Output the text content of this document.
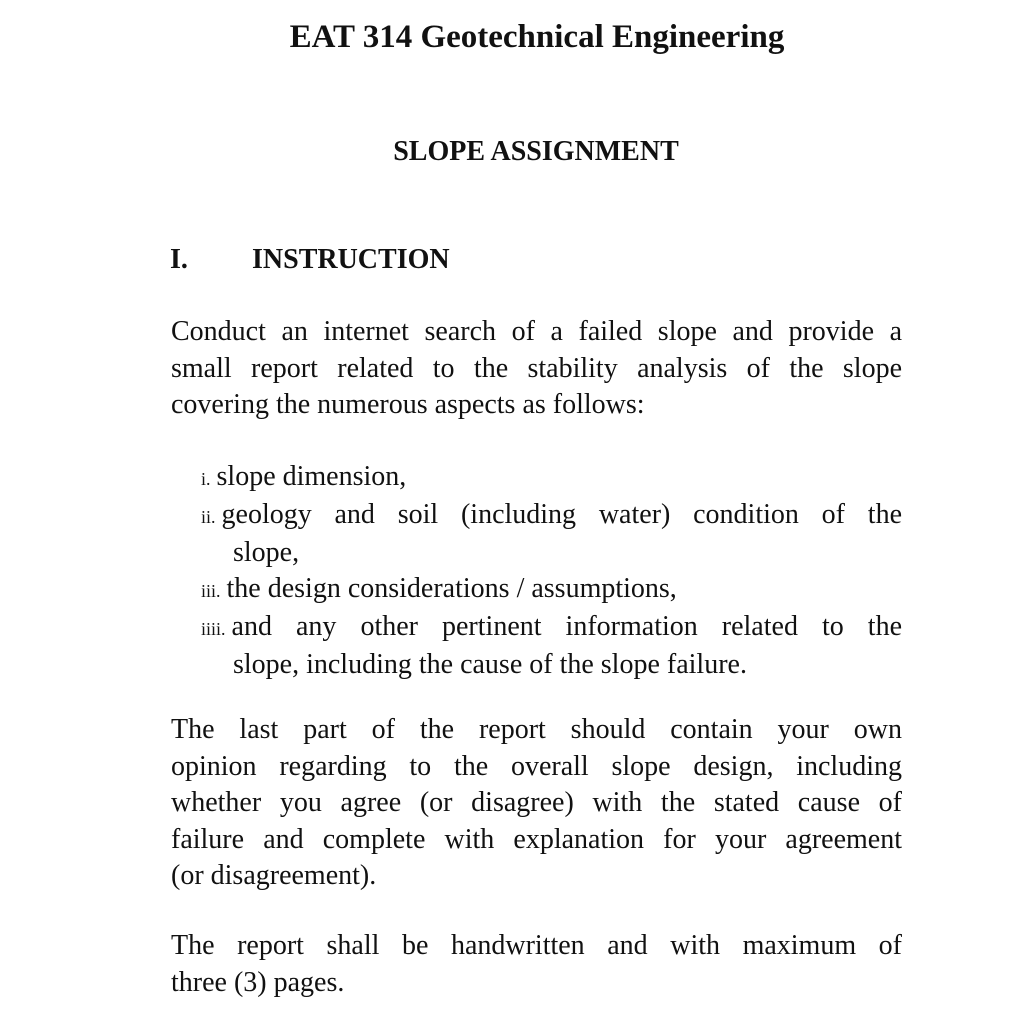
EAT 314 Geotechnical Engineering
SLOPE ASSIGNMENT
I. INSTRUCTION
Conduct an internet search of a failed slope and provide a
small report related to the stability analysis of the slope
covering the numerous aspects as follows:
i. slope dimension,
ii. geology and soil (including water) condition of the
slope,
iii. the design considerations / assumptions,
iiii. and any other pertinent information related to the
slope, including the cause of the slope failure.
The last part of the report should contain your own
opinion regarding to the overall slope design, including
whether you agree (or disagree) with the stated cause of
failure and complete with explanation for your agreement
(or disagreement).
The report shall be handwritten and with maximum of
three (3) pages.
